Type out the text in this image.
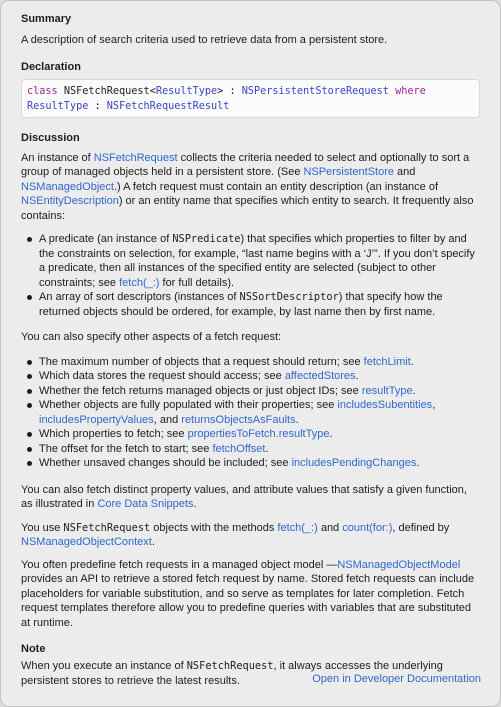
Summary

A description of search criteria used to retrieve data from a persistent store.

Declaration
class NSFetchRequest<ResultType> : NSPersistentStoreRequest where
ResultType : NSFetchRequestResult
Discussion

An instance of NSFetchRequest collects the criteria needed to select and optionally to sort a group of managed objects held in a persistent store. (See NSPersistentStore and NSManagedObject.) A fetch request must contain an entity description (an instance of NSEntityDescription) or an entity name that specifies which entity to search. It frequently also contains:

A predicate (an instance of NSPredicate) that specifies which properties to filter by and the constraints on selection, for example, “last name begins with a ‘J’”. If you don’t specify a predicate, then all instances of the specified entity are selected (subject to other constraints; see fetch(_:) for full details).
An array of sort descriptors (instances of NSSortDescriptor) that specify how the returned objects should be ordered, for example, by last name then by first name.

You can also specify other aspects of a fetch request:

The maximum number of objects that a request should return; see fetchLimit.
Which data stores the request should access; see affectedStores.
Whether the fetch returns managed objects or just object IDs; see resultType.
Whether objects are fully populated with their properties; see includesSubentities, includesPropertyValues, and returnsObjectsAsFaults.
Which properties to fetch; see propertiesToFetch.resultType.
The offset for the fetch to start; see fetchOffset.
Whether unsaved changes should be included; see includesPendingChanges.

You can also fetch distinct property values, and attribute values that satisfy a given function, as illustrated in Core Data Snippets.

You use NSFetchRequest objects with the methods fetch(_:) and count(for:), defined by NSManagedObjectContext.

You often predefine fetch requests in a managed object model —NSManagedObjectModel provides an API to retrieve a stored fetch request by name. Stored fetch requests can include placeholders for variable substitution, and so serve as templates for later completion. Fetch request templates therefore allow you to predefine queries with variables that are substituted at runtime.

Note

When you execute an instance of NSFetchRequest, it always accesses the underlying persistent stores to retrieve the latest results.	Open in Developer Documentation
